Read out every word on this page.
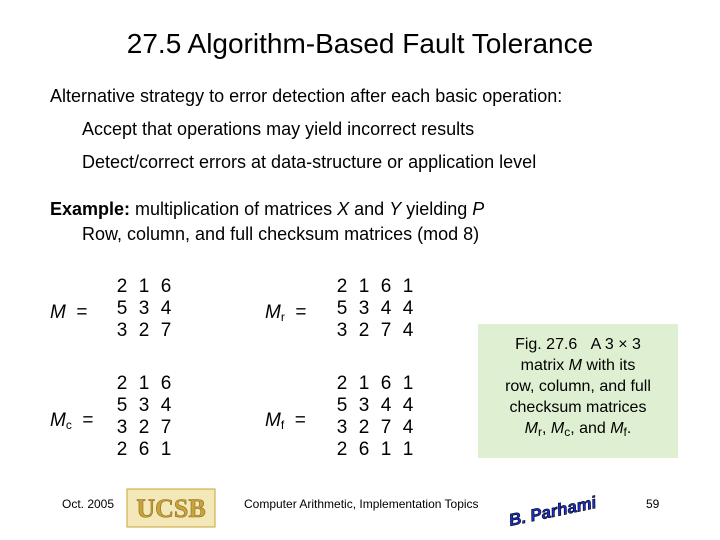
27.5 Algorithm-Based Fault Tolerance
Alternative strategy to error detection after each basic operation:
Accept that operations may yield incorrect results
Detect/correct errors at data-structure or application level
Example: multiplication of matrices X and Y yielding P
Row, column, and full checksum matrices (mod 8)
M =	$M_r$ =
$M_c$ =	$M_f$ =
2 1 6
5 3 4
3 2 7
2 1 6 1
5 3 4 4
3 2 7 4
2 1 6
5 3 4
3 2 7
2 6 1
2 1 6 1
5 3 4 4
3 2 7 4
2 6 1 1
Fig. 27.6 A 3 × 3
matrix M with its
row, column, and full
checksum matrices
$M_r$, $M_c$, and $M_f$.
Oct. 2005 UCSB	Computer Arithmetic, Implementation Topics B. Parhami	59
